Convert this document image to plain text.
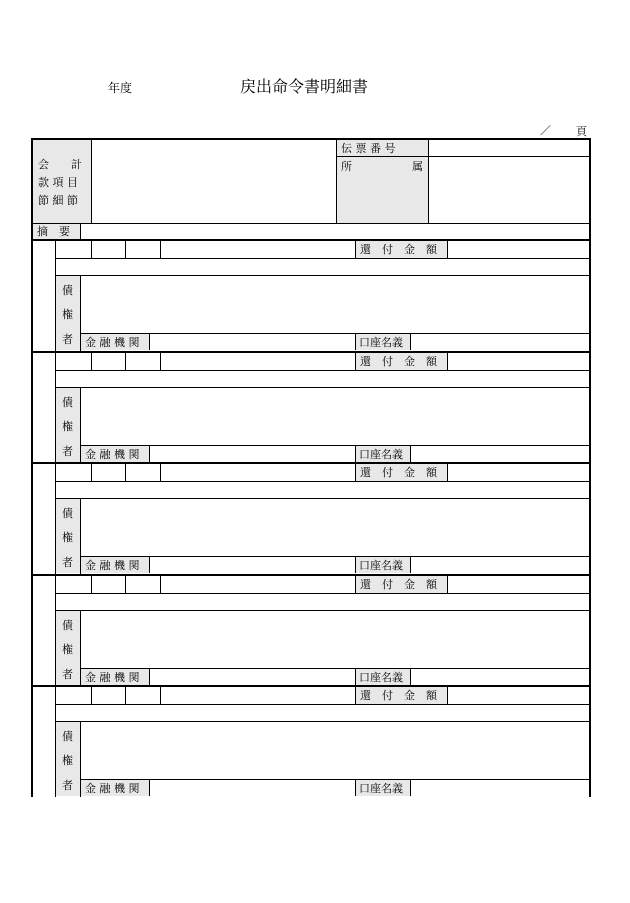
年度	戻出命令書明細書
／ 頁
会　　計
款 項 目
節 細 節
伝 票 番 号
所	属
摘　要
還　付　金　額
債
権
者 金 融 機 関	口座名義
還　付　金　額
債
権
者 金 融 機 関	口座名義
還　付　金　額
債
権
者 金 融 機 関	口座名義
還　付　金　額
債
権
者 金 融 機 関	口座名義
還　付　金　額
債
権
者 金 融 機 関	口座名義
